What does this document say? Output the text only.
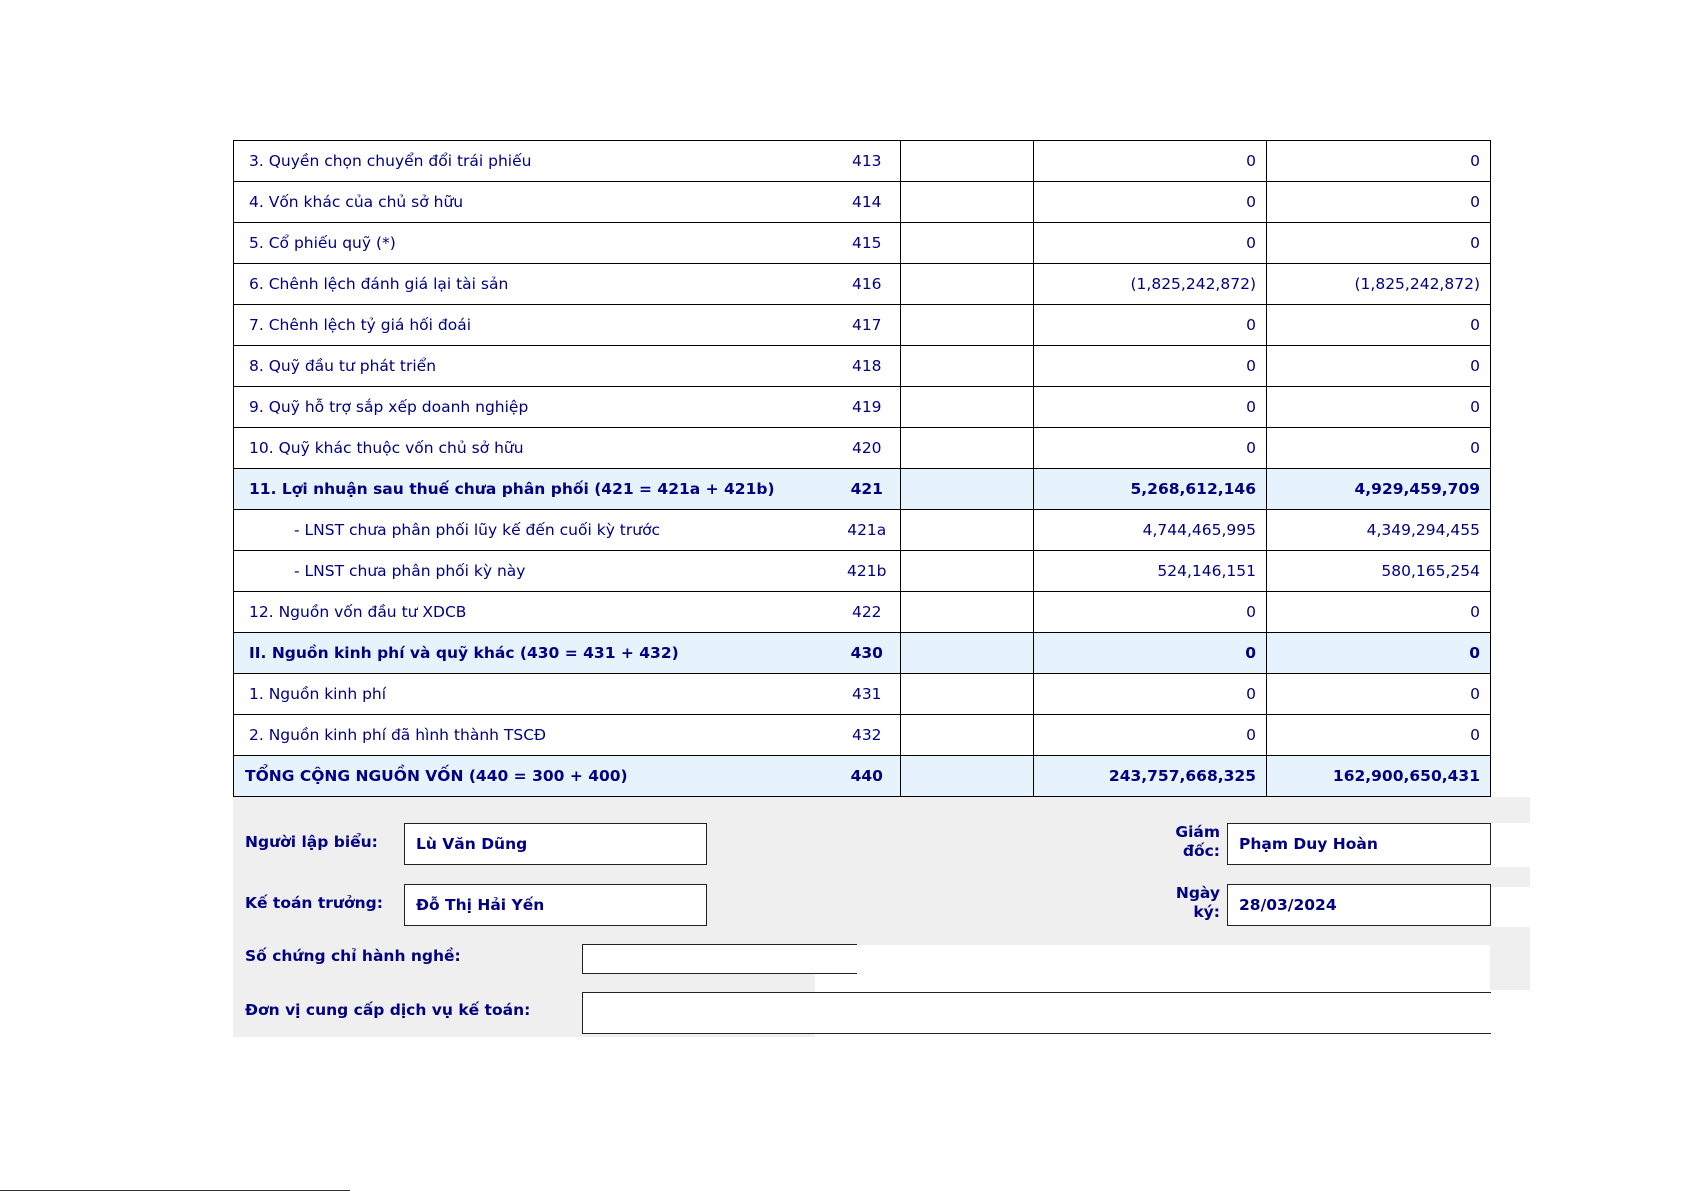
3. Quyền chọn chuyển đổi trái phiếu	413		0	0
4. Vốn khác của chủ sở hữu	414		0	0
5. Cổ phiếu quỹ (*)	415		0	0
6. Chênh lệch đánh giá lại tài sản	416		(1,825,242,872)	(1,825,242,872)
7. Chênh lệch tỷ giá hối đoái	417		0	0
8. Quỹ đầu tư phát triển	418		0	0
9. Quỹ hỗ trợ sắp xếp doanh nghiệp	419		0	0
10. Quỹ khác thuộc vốn chủ sở hữu	420		0	0
11. Lợi nhuận sau thuế chưa phân phối (421 = 421a + 421b)	421		5,268,612,146	4,929,459,709
- LNST chưa phân phối lũy kế đến cuối kỳ trước	421a		4,744,465,995	4,349,294,455
- LNST chưa phân phối kỳ này	421b		524,146,151	580,165,254
12. Nguồn vốn đầu tư XDCB	422		0	0
II. Nguồn kinh phí và quỹ khác (430 = 431 + 432)	430		0	0
1. Nguồn kinh phí	431		0	0
2. Nguồn kinh phí đã hình thành TSCĐ	432		0	0
TỔNG CỘNG NGUỒN VỐN (440 = 300 + 400)	440		243,757,668,325	162,900,650,431
Người lập biểu:	Lù Văn Dũng
Giám
đốc:	Phạm Duy Hoàn
Kế toán trưởng:	Đỗ Thị Hải Yến
Ngày
ký:	28/03/2024
Số chứng chỉ hành nghề:
Đơn vị cung cấp dịch vụ kế toán:
